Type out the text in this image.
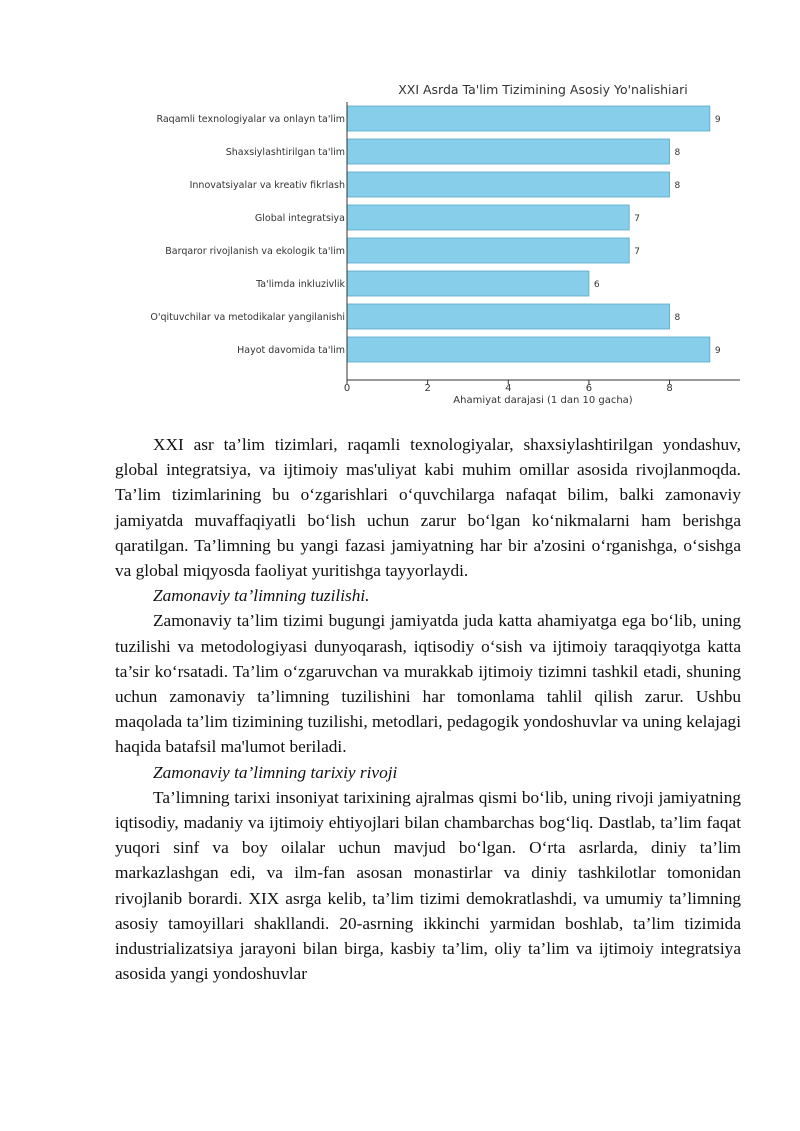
XXI Asrda Ta'lim Tizimining Asosiy Yo'nalishiari
Raqamli texnologiyalar va onlayn ta'lim	9
Shaxsiylashtirilgan ta'lim	8
Innovatsiyalar va kreativ fikrlash	8
Global integratsiya	7
Barqaror rivojlanish va ekologik ta'lim	7
Ta'limda inkluzivlik	6
O'qituvchilar va metodikalar yangilanishi	8
Hayot davomida ta'lim	9
0	2	4	6	8
Ahamiyat darajasi (1 dan 10 gacha)

XXI asr ta’lim tizimlari, raqamli texnologiyalar, shaxsiylashtirilgan yondashuv, global integratsiya, va ijtimoiy mas'uliyat kabi muhim omillar asosida rivojlanmoqda. Ta’lim tizimlarining bu o‘zgarishlari o‘quvchilarga nafaqat bilim, balki zamonaviy jamiyatda muvaffaqiyatli bo‘lish uchun zarur bo‘lgan ko‘nikmalarni ham berishga qaratilgan. Ta’limning bu yangi fazasi jamiyatning har bir a'zosini o‘rganishga, o‘sishga va global miqyosda faoliyat yuritishga tayyorlaydi.

Zamonaviy ta’limning tuzilishi.

Zamonaviy ta’lim tizimi bugungi jamiyatda juda katta ahamiyatga ega bo‘lib, uning tuzilishi va metodologiyasi dunyoqarash, iqtisodiy o‘sish va ijtimoiy taraqqiyotga katta ta’sir ko‘rsatadi. Ta’lim o‘zgaruvchan va murakkab ijtimoiy tizimni tashkil etadi, shuning uchun zamonaviy ta’limning tuzilishini har tomonlama tahlil qilish zarur. Ushbu maqolada ta’lim tizimining tuzilishi, metodlari, pedagogik yondoshuvlar va uning kelajagi haqida batafsil ma'lumot beriladi.

Zamonaviy ta’limning tarixiy rivoji

Ta’limning tarixi insoniyat tarixining ajralmas qismi bo‘lib, uning rivoji jamiyatning iqtisodiy, madaniy va ijtimoiy ehtiyojlari bilan chambarchas bog‘liq. Dastlab, ta’lim faqat yuqori sinf va boy oilalar uchun mavjud bo‘lgan. O‘rta asrlarda, diniy ta’lim markazlashgan edi, va ilm-fan asosan monastirlar va diniy tashkilotlar tomonidan rivojlanib borardi. XIX asrga kelib, ta’lim tizimi demokratlashdi, va umumiy ta’limning asosiy tamoyillari shakllandi. 20-asrning ikkinchi yarmidan boshlab, ta’lim tizimida industrializatsiya jarayoni bilan birga, kasbiy ta’lim, oliy ta’lim va ijtimoiy integratsiya asosida yangi yondoshuvlar
